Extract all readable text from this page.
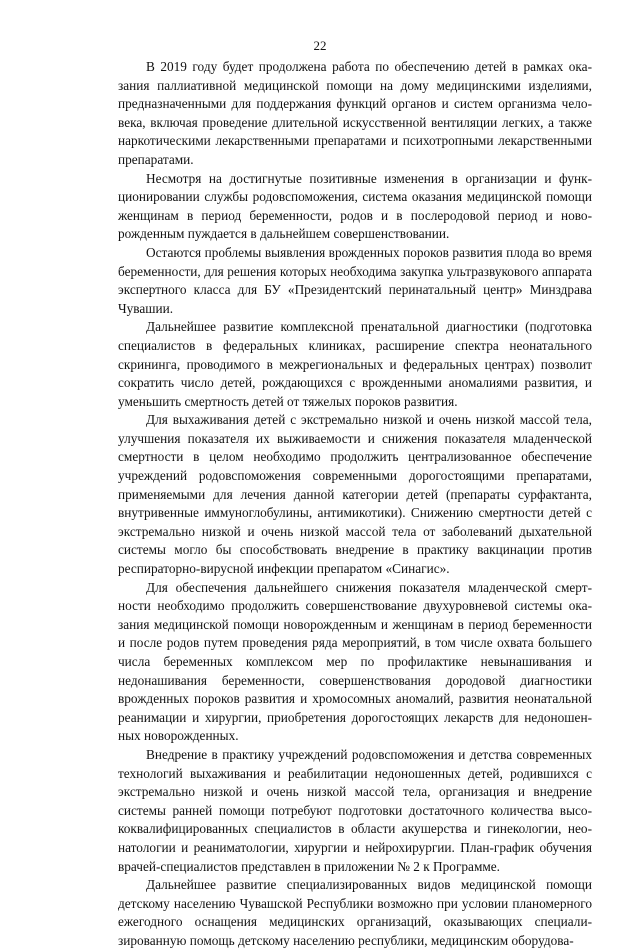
22

В 2019 году будет продолжена работа по обеспечению детей в рамках оказания паллиативной медицинской помощи на дому медицинскими изделиями, предназначенными для поддержания функций органов и систем организма человека, включая проведение длительной искусственной вентиляции легких, а также наркотическими лекарственными препаратами и психотропными лекарственными препаратами.

Несмотря на достигнутые позитивные изменения в организации и функционировании службы родовспоможения, система оказания медицинской помощи женщинам в период беременности, родов и в послеродовой период и новорожденным пуждается в дальнейшем совершенствовании.

Остаются проблемы выявления врожденных пороков развития плода во время беременности, для решения которых необходима закупка ультразвукового аппарата экспертного класса для БУ «Президентский перинатальный центр» Минздрава Чувашии.

Дальнейшее развитие комплексной пренатальной диагностики (подготовка специалистов в федеральных клиниках, расширение спектра неонатального скрининга, проводимого в межрегиональных и федеральных центрах) позволит сократить число детей, рождающихся с врожденными аномалиями развития, и уменьшить смертность детей от тяжелых пороков развития.

Для выхаживания детей с экстремально низкой и очень низкой массой тела, улучшения показателя их выживаемости и снижения показателя младенческой смертности в целом необходимо продолжить централизованное обеспечение учреждений родовспоможения современными дорогостоящими препаратами, применяемыми для лечения данной категории детей (препараты сурфактанта, внутривенные иммуноглобулины, антимикотики). Снижению смертности детей с экстремально низкой и очень низкой массой тела от заболеваний дыхательной системы могло бы способствовать внедрение в практику вакцинации против респираторно-вирусной инфекции препаратом «Синагис».

Для обеспечения дальнейшего снижения показателя младенческой смертности необходимо продолжить совершенствование двухуровневой системы оказания медицинской помощи новорожденным и женщинам в период беременности и после родов путем проведения ряда мероприятий, в том числе охвата большего числа беременных комплексом мер по профилактике невынашивания и недонашивания беременности, совершенствования дородовой диагностики врожденных пороков развития и хромосомных аномалий, развития неонатальной реанимации и хирургии, приобретения дорогостоящих лекарств для недоношенных новорожденных.

Внедрение в практику учреждений родовспоможения и детства современных технологий выхаживания и реабилитации недоношенных детей, родившихся с экстремально низкой и очень низкой массой тела, организация и внедрение системы ранней помощи потребуют подготовки достаточного количества высококвалифицированных специалистов в области акушерства и гинекологии, неонатологии и реаниматологии, хирургии и нейрохирургии. План-график обучения врачей-специалистов представлен в приложении № 2 к Программе.

Дальнейшее развитие специализированных видов медицинской помощи детскому населению Чувашской Республики возможно при условии планомерного ежегодного оснащения медицинских организаций, оказывающих специализированную помощь детскому населению республики, медицинским оборудова-
